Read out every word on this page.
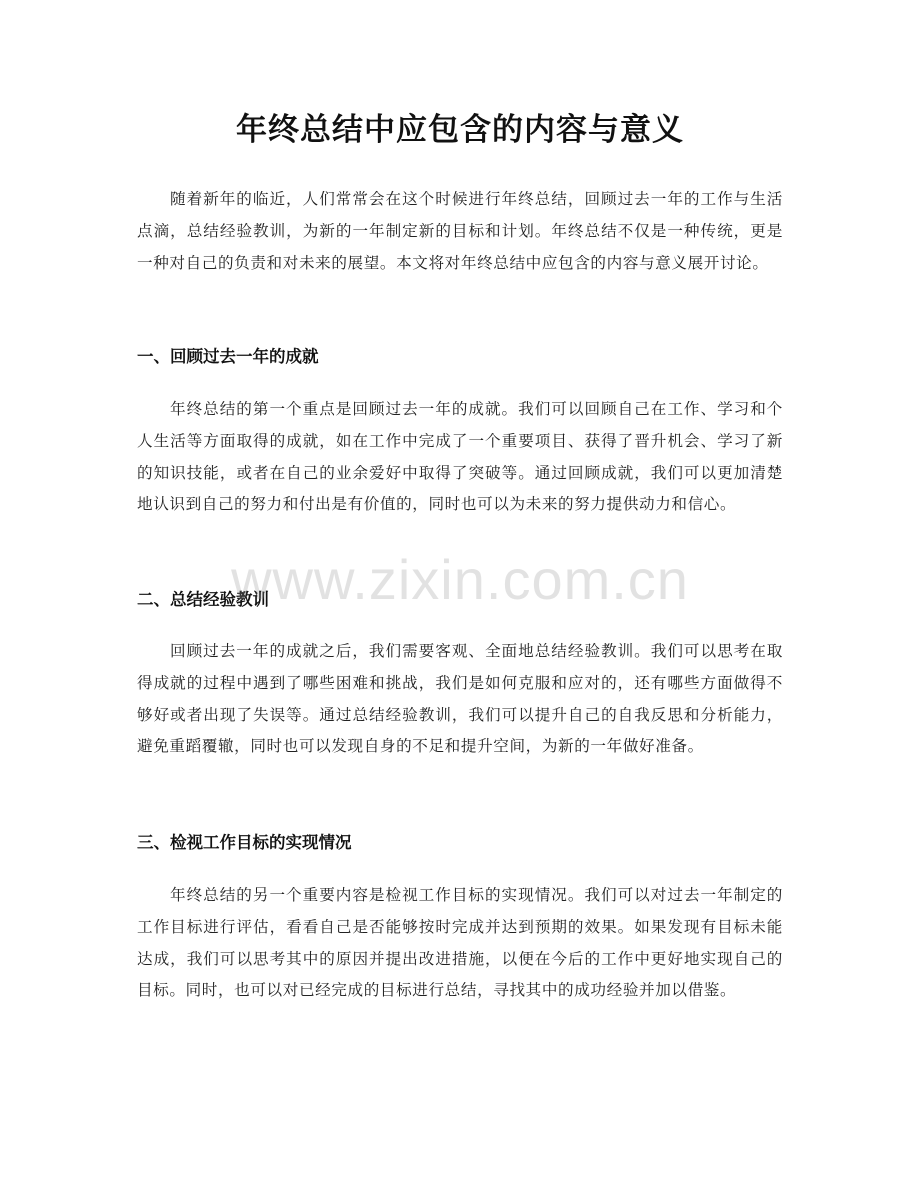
年终总结中应包含的内容与意义

随着新年的临近，人们常常会在这个时候进行年终总结，回顾过去一年的工作与生活点滴，总结经验教训，为新的一年制定新的目标和计划。年终总结不仅是一种传统，更是一种对自己的负责和对未来的展望。本文将对年终总结中应包含的内容与意义展开讨论。

一、回顾过去一年的成就

年终总结的第一个重点是回顾过去一年的成就。我们可以回顾自己在工作、学习和个人生活等方面取得的成就，如在工作中完成了一个重要项目、获得了晋升机会、学习了新的知识技能，或者在自己的业余爱好中取得了突破等。通过回顾成就，我们可以更加清楚地认识到自己的努力和付出是有价值的，同时也可以为未来的努力提供动力和信心。

二、总结经验教训

回顾过去一年的成就之后，我们需要客观、全面地总结经验教训。我们可以思考在取得成就的过程中遇到了哪些困难和挑战，我们是如何克服和应对的，还有哪些方面做得不够好或者出现了失误等。通过总结经验教训，我们可以提升自己的自我反思和分析能力，避免重蹈覆辙，同时也可以发现自身的不足和提升空间，为新的一年做好准备。

三、检视工作目标的实现情况

年终总结的另一个重要内容是检视工作目标的实现情况。我们可以对过去一年制定的工作目标进行评估，看看自己是否能够按时完成并达到预期的效果。如果发现有目标未能达成，我们可以思考其中的原因并提出改进措施，以便在今后的工作中更好地实现自己的目标。同时，也可以对已经完成的目标进行总结，寻找其中的成功经验并加以借鉴。

www.zixin.com.cn
